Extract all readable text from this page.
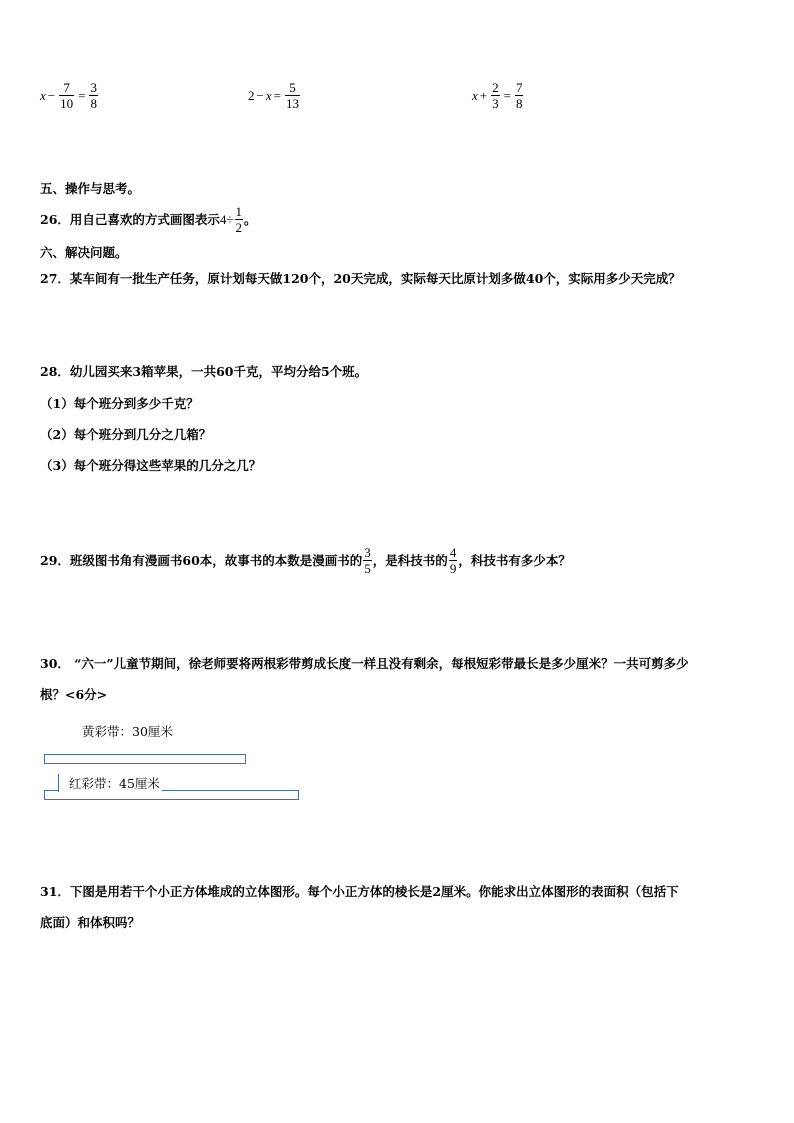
$x - \frac{7}{10} = \frac{3}{8}$	$2 - x = \frac{5}{13}$	$x + \frac{2}{3} = \frac{7}{8}$
五、操作与思考。
26．用自己喜欢的方式画图表示 $4\div \frac{1}{2}$ 。
六、解决问题。
27．某车间有一批生产任务，原计划每天做120个，20天完成，实际每天比原计划多做40个，实际用多少天完成？
28．幼儿园买来3箱苹果，一共60千克，平均分给5个班。
（1）每个班分到多少千克？
（2）每个班分到几分之几箱？
（3）每个班分得这些苹果的几分之几？
29．班级图书角有漫画书60本，故事书的本数是漫画书的 $\frac{3}{5}$ ，是科技书的 $\frac{4}{9}$ ，科技书有多少本？
30． “六一”儿童节期间，徐老师要将两根彩带剪成长度一样且没有剩余，每根短彩带最长是多少厘米？一共可剪多少
根？<6分>
黄彩带：30厘米
红彩带：45厘米
31．下图是用若干个小正方体堆成的立体图形。每个小正方体的棱长是2厘米。你能求出立体图形的表面积（包括下
底面）和体积吗？
